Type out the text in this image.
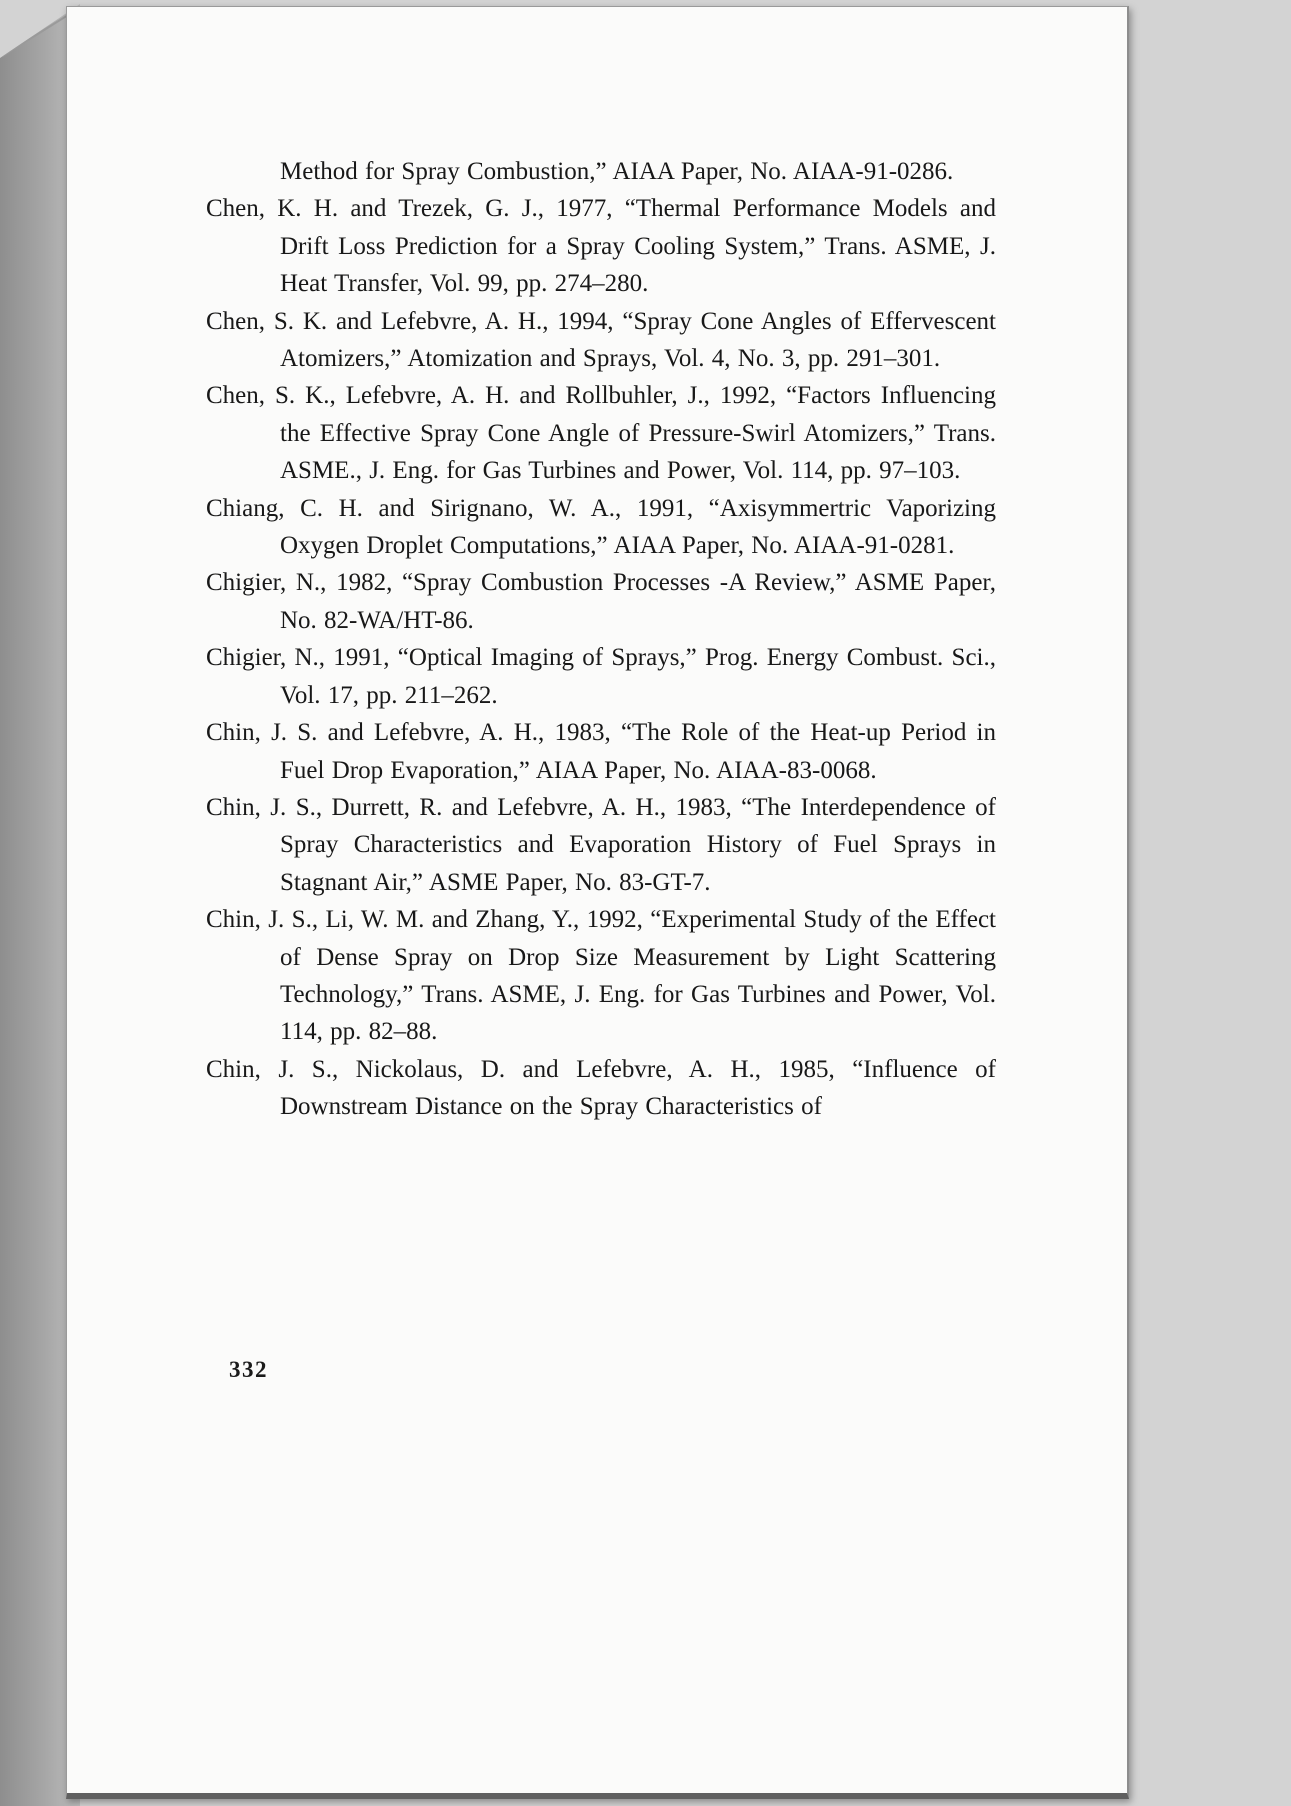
Method for Spray Combustion,” AIAA Paper, No. AIAA-91-0286.

Chen, K. H. and Trezek, G. J., 1977, “Thermal Performance Models and Drift Loss Prediction for a Spray Cooling System,” Trans. ASME, J. Heat Transfer, Vol. 99, pp. 274–280.

Chen, S. K. and Lefebvre, A. H., 1994, “Spray Cone Angles of Effervescent Atomizers,” Atomization and Sprays, Vol. 4, No. 3, pp. 291–301.

Chen, S. K., Lefebvre, A. H. and Rollbuhler, J., 1992, “Factors Influencing the Effective Spray Cone Angle of Pressure-Swirl Atomizers,” Trans. ASME., J. Eng. for Gas Turbines and Power, Vol. 114, pp. 97–103.

Chiang, C. H. and Sirignano, W. A., 1991, “Axisymmertric Vaporizing Oxygen Droplet Computations,” AIAA Paper, No. AIAA-91-0281.

Chigier, N., 1982, “Spray Combustion Processes -A Review,” ASME Paper, No. 82-WA/HT-86.

Chigier, N., 1991, “Optical Imaging of Sprays,” Prog. Energy Combust. Sci., Vol. 17, pp. 211–262.

Chin, J. S. and Lefebvre, A. H., 1983, “The Role of the Heat-up Period in Fuel Drop Evaporation,” AIAA Paper, No. AIAA-83-0068.

Chin, J. S., Durrett, R. and Lefebvre, A. H., 1983, “The Interdependence of Spray Characteristics and Evaporation History of Fuel Sprays in Stagnant Air,” ASME Paper, No. 83-GT-7.

Chin, J. S., Li, W. M. and Zhang, Y., 1992, “Experimental Study of the Effect of Dense Spray on Drop Size Measurement by Light Scattering Technology,” Trans. ASME, J. Eng. for Gas Turbines and Power, Vol. 114, pp. 82–88.

Chin, J. S., Nickolaus, D. and Lefebvre, A. H., 1985, “Influence of Downstream Distance on the Spray Characteristics of

332
